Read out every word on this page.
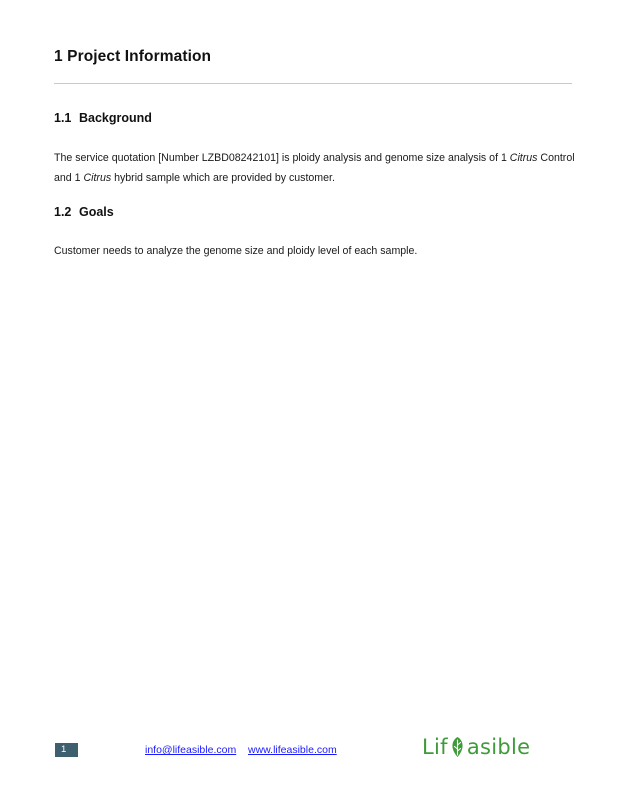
1 Project Information
1.1 Background

The service quotation [Number LZBD08242101] is ploidy analysis and genome size analysis of 1 Citrus Control and 1 Citrus hybrid sample which are provided by customer.

1.2 Goals

Customer needs to analyze the genome size and ploidy level of each sample.

1	info@lifeasible.com www.lifeasible.com	Lif asible
